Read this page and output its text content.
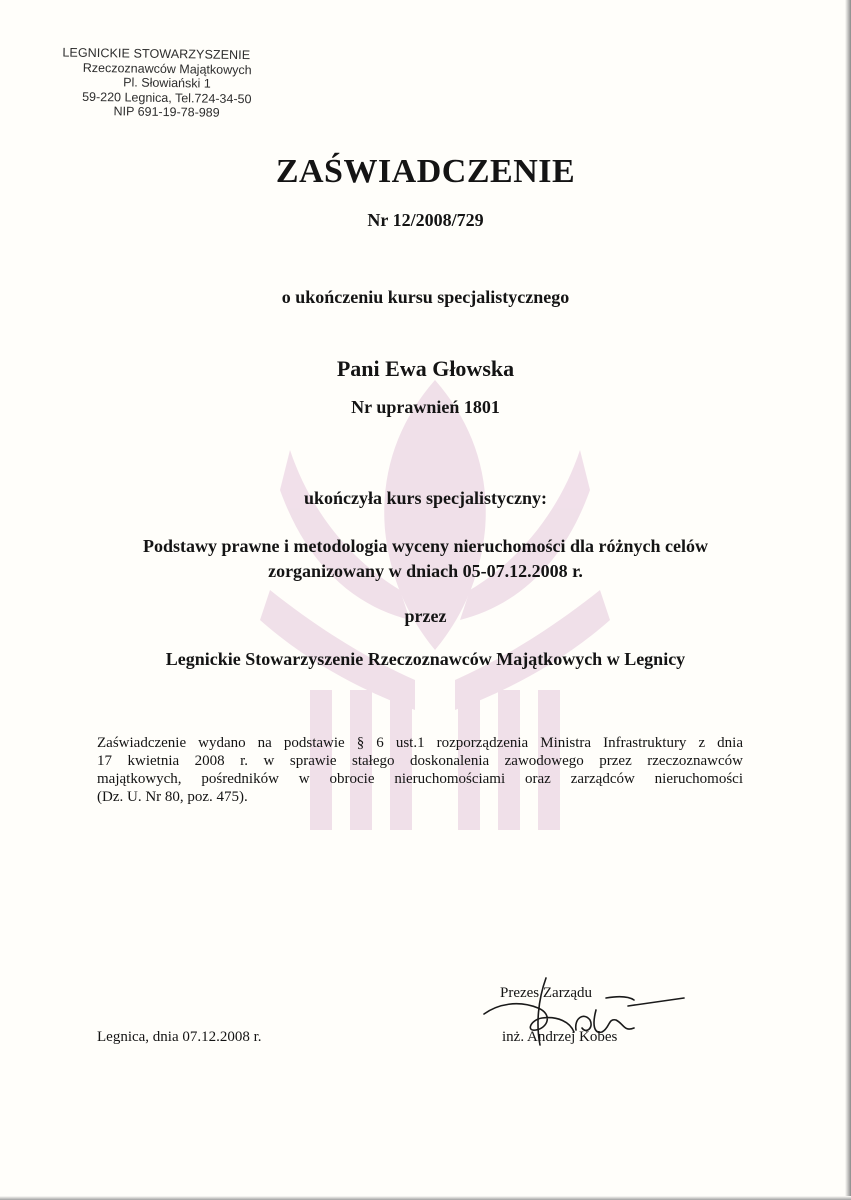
LEGNICKIE STOWARZYSZENIE
Rzeczoznawców Majątkowych
Pl. Słowiański 1
59-220 Legnica, Tel.724-34-50
NIP 691-19-78-989
ZAŚWIADCZENIE
Nr 12/2008/729
o ukończeniu kursu specjalistycznego
Pani Ewa Głowska
Nr uprawnień 1801
ukończyła kurs specjalistyczny:
Podstawy prawne i metodologia wyceny nieruchomości dla różnych celów
zorganizowany w dniach 05-07.12.2008 r.
przez
Legnickie Stowarzyszenie Rzeczoznawców Majątkowych w Legnicy
Zaświadczenie wydano na podstawie § 6 ust.1 rozporządzenia Ministra Infrastruktury z dnia
17 kwietnia 2008 r. w sprawie stałego doskonalenia zawodowego przez rzeczoznawców
majątkowych, pośredników w obrocie nieruchomościami oraz zarządców nieruchomości
(Dz. U. Nr 80, poz. 475).
Legnica, dnia 07.12.2008 r.
Prezes Zarządu
inż. Andrzej Kobes
